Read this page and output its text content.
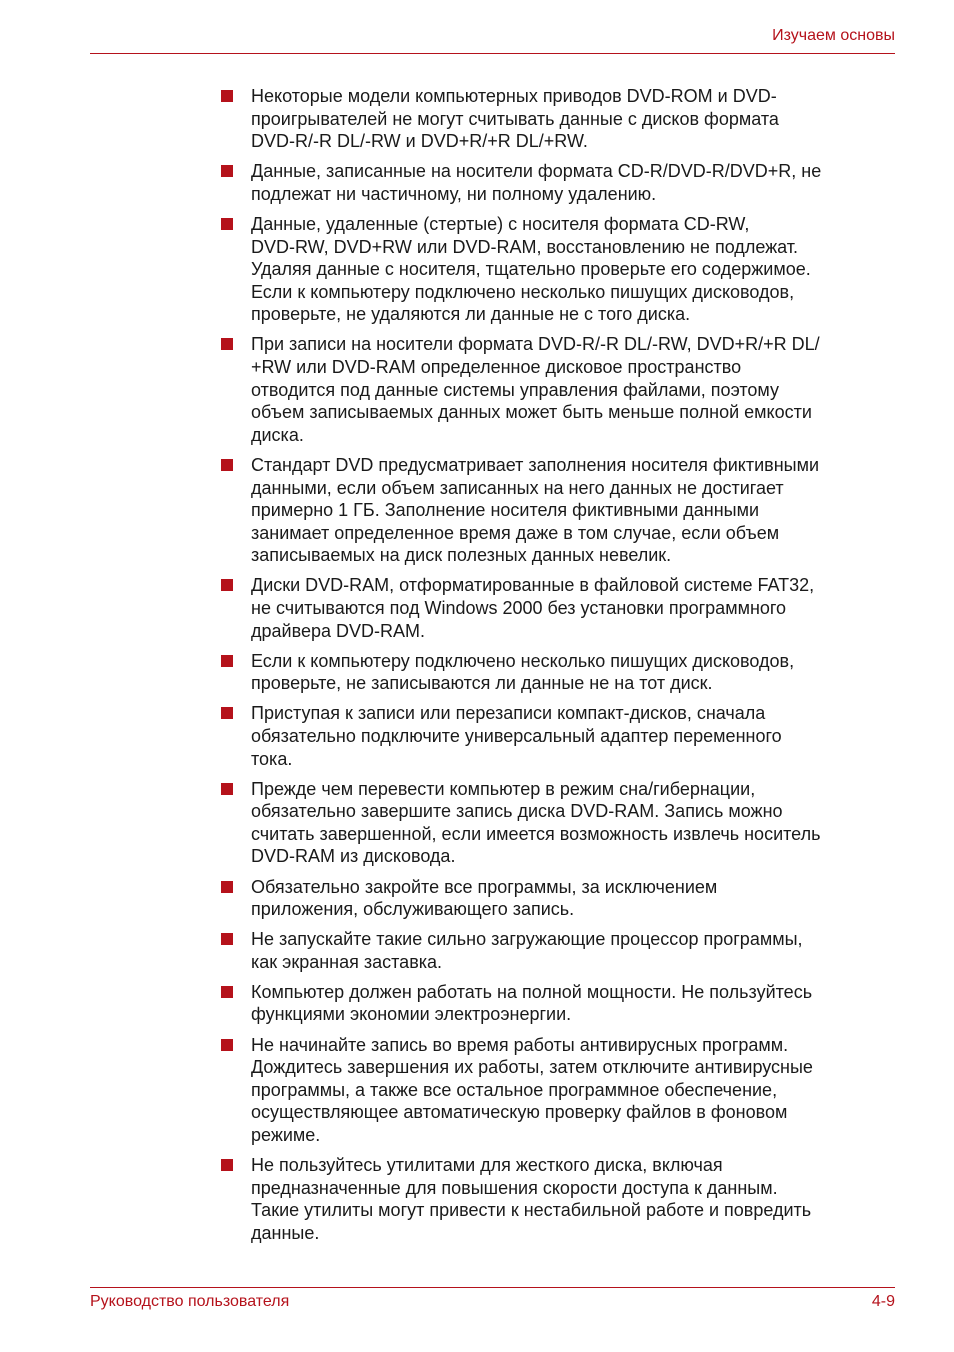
Изучаем основы
Некоторые модели компьютерных приводов DVD-ROM и DVD-
проигрывателей не могут считывать данные с дисков формата
DVD-R/-R DL/-RW и DVD+R/+R DL/+RW.
Данные, записанные на носители формата CD-R/DVD-R/DVD+R, не
подлежат ни частичному, ни полному удалению.
Данные, удаленные (стертые) с носителя формата CD-RW,
DVD-RW, DVD+RW или DVD-RAM, восстановлению не подлежат.
Удаляя данные с носителя, тщательно проверьте его содержимое.
Если к компьютеру подключено несколько пишущих дисководов,
проверьте, не удаляются ли данные не с того диска.
При записи на носители формата DVD-R/-R DL/-RW, DVD+R/+R DL/
+RW или DVD-RAM определенное дисковое пространство
отводится под данные системы управления файлами, поэтому
объем записываемых данных может быть меньше полной емкости
диска.
Стандарт DVD предусматривает заполнения носителя фиктивными
данными, если объем записанных на него данных не достигает
примерно 1 ГБ. Заполнение носителя фиктивными данными
занимает определенное время даже в том случае, если объем
записываемых на диск полезных данных невелик.
Диски DVD-RAM, отформатированные в файловой системе FAT32,
не считываются под Windows 2000 без установки программного
драйвера DVD-RAM.
Если к компьютеру подключено несколько пишущих дисководов,
проверьте, не записываются ли данные не на тот диск.
Приступая к записи или перезаписи компакт-дисков, сначала
обязательно подключите универсальный адаптер переменного
тока.
Прежде чем перевести компьютер в режим сна/гибернации,
обязательно завершите запись диска DVD-RAM. Запись можно
считать завершенной, если имеется возможность извлечь носитель
DVD-RAM из дисковода.
Обязательно закройте все программы, за исключением
приложения, обслуживающего запись.
Не запускайте такие сильно загружающие процессор программы,
как экранная заставка.
Компьютер должен работать на полной мощности. Не пользуйтесь
функциями экономии электроэнергии.
Не начинайте запись во время работы антивирусных программ.
Дождитесь завершения их работы, затем отключите антивирусные
программы, а также все остальное программное обеспечение,
осуществляющее автоматическую проверку файлов в фоновом
режиме.
Не пользуйтесь утилитами для жесткого диска, включая
предназначенные для повышения скорости доступа к данным.
Такие утилиты могут привести к нестабильной работе и повредить
данные.
Руководство пользователя	4-9
